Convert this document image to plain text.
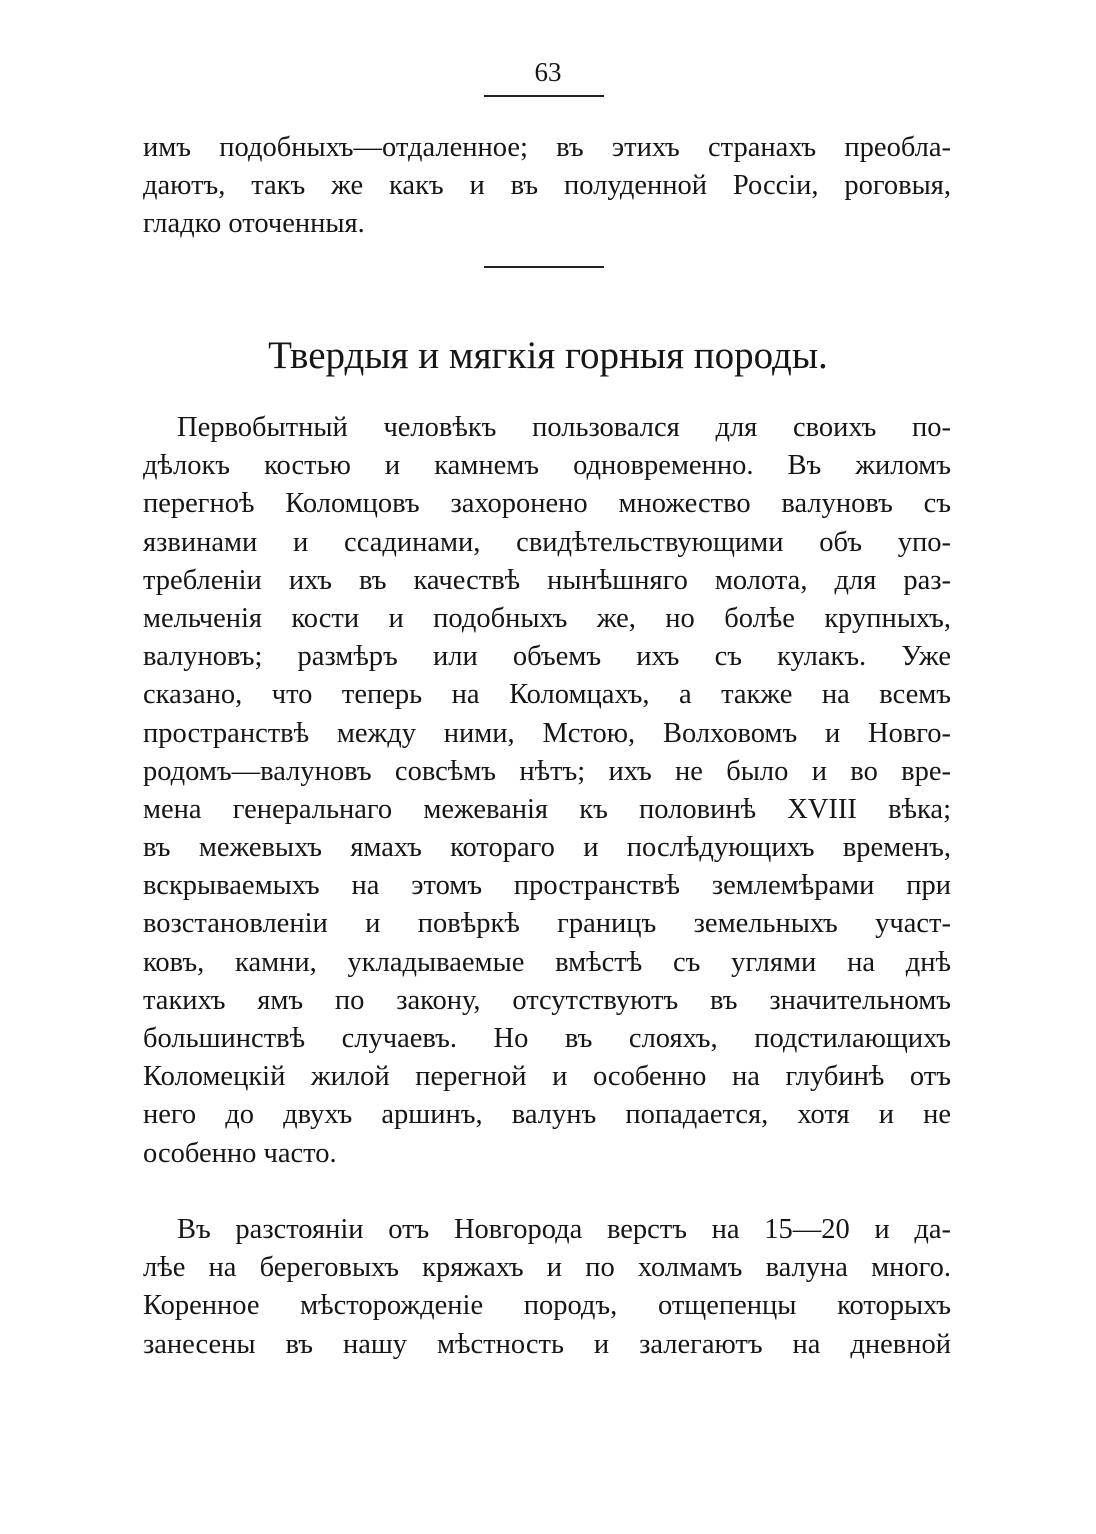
63
имъ подобныхъ—отдаленное; въ этихъ странахъ преобла-
даютъ, такъ же какъ и въ полуденной Россіи, роговыя,
гладко оточенныя.
Твердыя и мягкія горныя породы.
Первобытный человѣкъ пользовался для своихъ по-
дѣлокъ костью и камнемъ одновременно. Въ жиломъ
перегноѣ Коломцовъ захоронено множество валуновъ съ
язвинами и ссадинами, свидѣтельствующими объ упо-
требленіи ихъ въ качествѣ нынѣшняго молота, для раз-
мельченія кости и подобныхъ же, но болѣе крупныхъ,
валуновъ; размѣръ или объемъ ихъ съ кулакъ. Уже
сказано, что теперь на Коломцахъ, а также на всемъ
пространствѣ между ними, Мстою, Волховомъ и Новго-
родомъ—валуновъ совсѣмъ нѣтъ; ихъ не было и во вре-
мена генеральнаго межеванія къ половинѣ XVIII вѣка;
въ межевыхъ ямахъ котораго и послѣдующихъ временъ,
вскрываемыхъ на этомъ пространствѣ землемѣрами при
возстановленіи и повѣркѣ границъ земельныхъ участ-
ковъ, камни, укладываемые вмѣстѣ съ углями на днѣ
такихъ ямъ по закону, отсутствуютъ въ значительномъ
большинствѣ случаевъ. Но въ слояхъ, подстилающихъ
Коломецкій жилой перегной и особенно на глубинѣ отъ
него до двухъ аршинъ, валунъ попадается, хотя и не
особенно часто.
Въ разстояніи отъ Новгорода верстъ на 15—20 и да-
лѣе на береговыхъ кряжахъ и по холмамъ валуна много.
Коренное мѣсторожденіе породъ, отщепенцы которыхъ
занесены въ нашу мѣстность и залегаютъ на дневной
